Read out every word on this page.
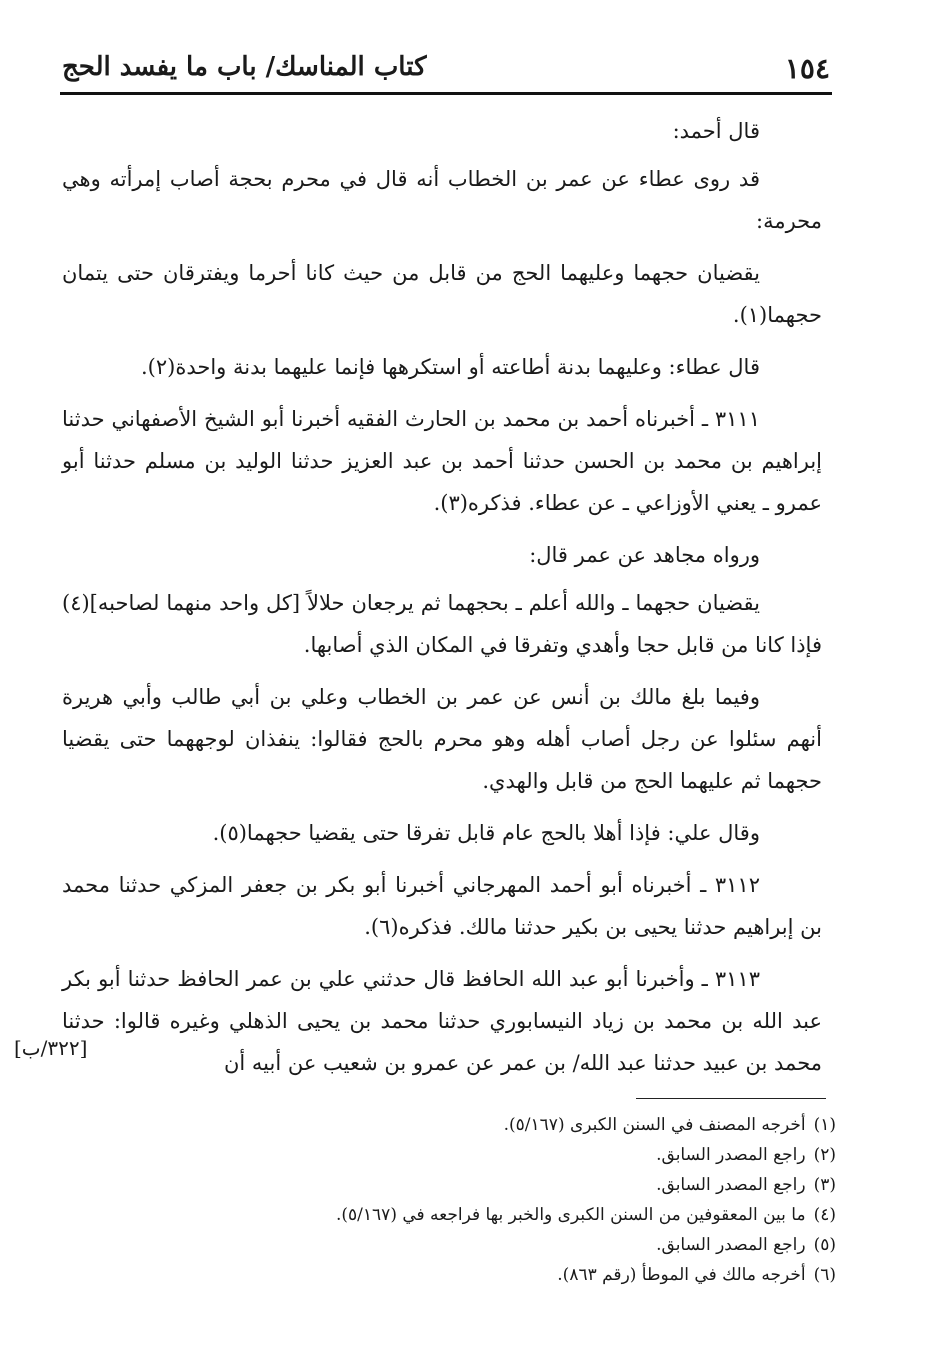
١٥٤
كتاب المناسك/ باب ما يفسد الحج

قال أحمد:

قد روى عطاء عن عمر بن الخطاب أنه قال في محرم بحجة أصاب إمرأته وهي محرمة:

يقضيان حجهما وعليهما الحج من قابل من حيث كانا أحرما ويفترقان حتى يتمان حجهما(١).

قال عطاء: وعليهما بدنة أطاعته أو استكرهها فإنما عليهما بدنة واحدة(٢).

٣١١١ ـ أخبرناه أحمد بن محمد بن الحارث الفقيه أخبرنا أبو الشيخ الأصفهاني حدثنا إبراهيم بن محمد بن الحسن حدثنا أحمد بن عبد العزيز حدثنا الوليد بن مسلم حدثنا أبو عمرو ـ يعني الأوزاعي ـ عن عطاء. فذكره(٣).

ورواه مجاهد عن عمر قال:

يقضيان حجهما ـ والله أعلم ـ بحجهما ثم يرجعان حلالاً [كل واحد منهما لصاحبه](٤) فإذا كانا من قابل حجا وأهدي وتفرقا في المكان الذي أصابها.

وفيما بلغ مالك بن أنس عن عمر بن الخطاب وعلي بن أبي طالب وأبي هريرة أنهم سئلوا عن رجل أصاب أهله وهو محرم بالحج فقالوا: ينفذان لوجههما حتى يقضيا حجهما ثم عليهما الحج من قابل والهدي.

وقال علي: فإذا أهلا بالحج عام قابل تفرقا حتى يقضيا حجهما(٥).

٣١١٢ ـ أخبرناه أبو أحمد المهرجاني أخبرنا أبو بكر بن جعفر المزكي حدثنا محمد بن إبراهيم حدثنا يحيى بن بكير حدثنا مالك. فذكره(٦).

٣١١٣ ـ وأخبرنا أبو عبد الله الحافظ قال حدثني علي بن عمر الحافظ حدثنا أبو بكر عبد الله بن محمد بن زياد النيسابوري حدثنا محمد بن يحيى الذهلي وغيره قالوا: حدثنا محمد بن عبيد حدثنا عبد الله/ بن عمر عن عمرو بن شعيب عن أبيه أن

[٣٢٢/ب]
(١)أخرجه المصنف في السنن الكبرى (٥/١٦٧).
(٢)راجع المصدر السابق.
(٣)راجع المصدر السابق.
(٤)ما بين المعقوفين من السنن الكبرى والخبر بها فراجعه في (٥/١٦٧).
(٥)راجع المصدر السابق.
(٦)أخرجه مالك في الموطأ (رقم ٨٦٣).
